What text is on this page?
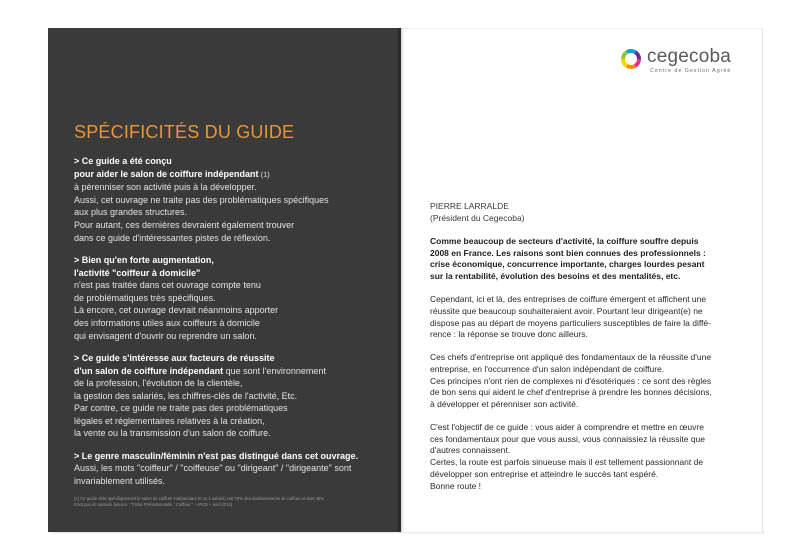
SPÉCIFICITÉS DU GUIDE
> Ce guide a été conçu
pour aider le salon de coiffure indépendant (1)
à pérenniser son activité puis à la développer.
Aussi, cet ouvrage ne traite pas des problématiques spécifiques
aux plus grandes structures.
Pour autant, ces dernières devraient également trouver
dans ce guide d'intéressantes pistes de réflexion.
> Bien qu'en forte augmentation,
l'activité "coiffeur à domicile"
n'est pas traitée dans cet ouvrage compte tenu
de problématiques très spécifiques.
Là encore, cet ouvrage devrait néanmoins apporter
des informations utiles aux coiffeurs à domicile
qui envisagent d'ouvrir ou reprendre un salon.
> Ce guide s'intéresse aux facteurs de réussite
d'un salon de coiffure indépendant que sont l'environnement
de la profession, l'évolution de la clientèle,
la gestion des salariés, les chiffres-clés de l'activité, Etc.
Par contre, ce guide ne traite pas des problématiques
légales et réglementaires relatives à la création,
la vente ou la transmission d'un salon de coiffure.
> Le genre masculin/féminin n'est pas distingué dans cet ouvrage.
Aussi, les mots "coiffeur" / "coiffeuse" ou "dirigeant" / "dirigeante" sont
invariablement utilisés.
(1) Ce guide cible spécifiquement le salon de coiffure indépendant (0 ou 1 salarié) soit 78% des établissements de coiffure et dont 46%
n'ont pas de salariés (source : "Fiche Professionnelle : Coiffeur " - APCE – avril 2014).
cegecoba
Centre de Gestion Agréé
PIERRE LARRALDE
(Président du Cegecoba)
Comme beaucoup de secteurs d'activité, la coiffure souffre depuis
2008 en France. Les raisons sont bien connues des professionnels :
crise économique, concurrence importante, charges lourdes pesant
sur la rentabilité, évolution des besoins et des mentalités, etc.
Cependant, ici et là, des entreprises de coiffure émergent et affichent une
réussite que beaucoup souhaiteraient avoir. Pourtant leur dirigeant(e) ne
dispose pas au départ de moyens particuliers susceptibles de faire la diffé-
rence : la réponse se trouve donc ailleurs.
Ces chefs d'entreprise ont appliqué des fondamentaux de la réussite d'une
entreprise, en l'occurrence d'un salon indépendant de coiffure.
Ces principes n'ont rien de complexes ni d'ésotériques : ce sont des règles
de bon sens qui aident le chef d'entreprise à prendre les bonnes décisions,
à développer et pérenniser son activité.
C'est l'objectif de ce guide : vous aider à comprendre et mettre en œuvre
ces fondamentaux pour que vous aussi, vous connaissiez la réussite que
d'autres connaissent.
Certes, la route est parfois sinueuse mais il est tellement passionnant de
développer son entreprise et atteindre le succès tant espéré.
Bonne route !
